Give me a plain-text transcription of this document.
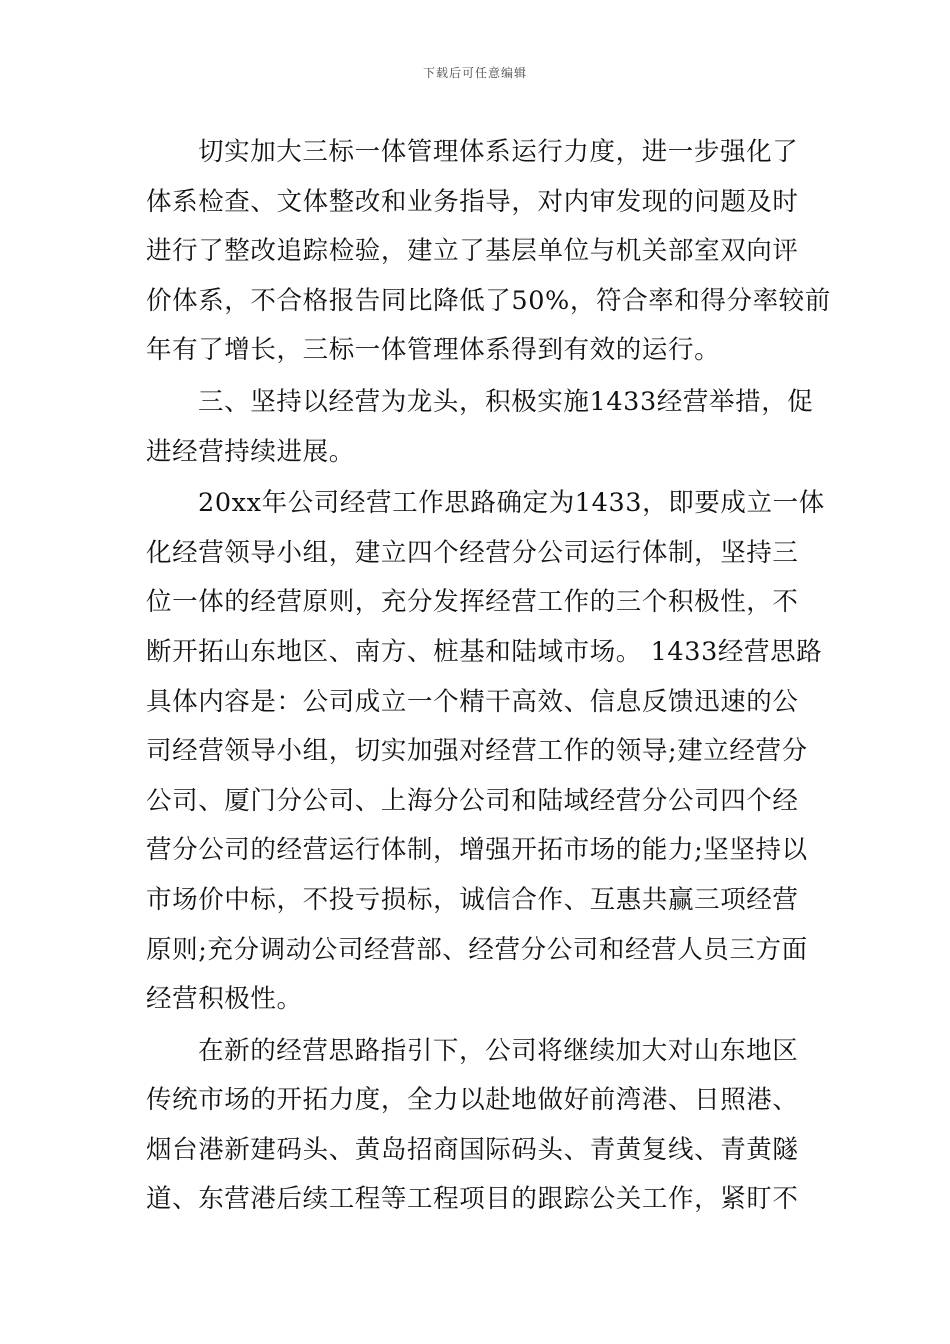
下载后可任意编辑
切实加大三标一体管理体系运行力度，进一步强化了
体系检查、文体整改和业务指导，对内审发现的问题及时
进行了整改追踪检验，建立了基层单位与机关部室双向评
价体系，不合格报告同比降低了50%，符合率和得分率较前
年有了增长，三标一体管理体系得到有效的运行。
三、坚持以经营为龙头，积极实施1433经营举措，促
进经营持续进展。
20xx年公司经营工作思路确定为1433，即要成立一体
化经营领导小组，建立四个经营分公司运行体制，坚持三
位一体的经营原则，充分发挥经营工作的三个积极性，不
断开拓山东地区、南方、桩基和陆域市场。 1433经营思路
具体内容是：公司成立一个精干高效、信息反馈迅速的公
司经营领导小组，切实加强对经营工作的领导;建立经营分
公司、厦门分公司、上海分公司和陆域经营分公司四个经
营分公司的经营运行体制，增强开拓市场的能力;坚坚持以
市场价中标，不投亏损标，诚信合作、互惠共赢三项经营
原则;充分调动公司经营部、经营分公司和经营人员三方面
经营积极性。
在新的经营思路指引下，公司将继续加大对山东地区
传统市场的开拓力度，全力以赴地做好前湾港、日照港、
烟台港新建码头、黄岛招商国际码头、青黄复线、青黄隧
道、东营港后续工程等工程项目的跟踪公关工作，紧盯不
